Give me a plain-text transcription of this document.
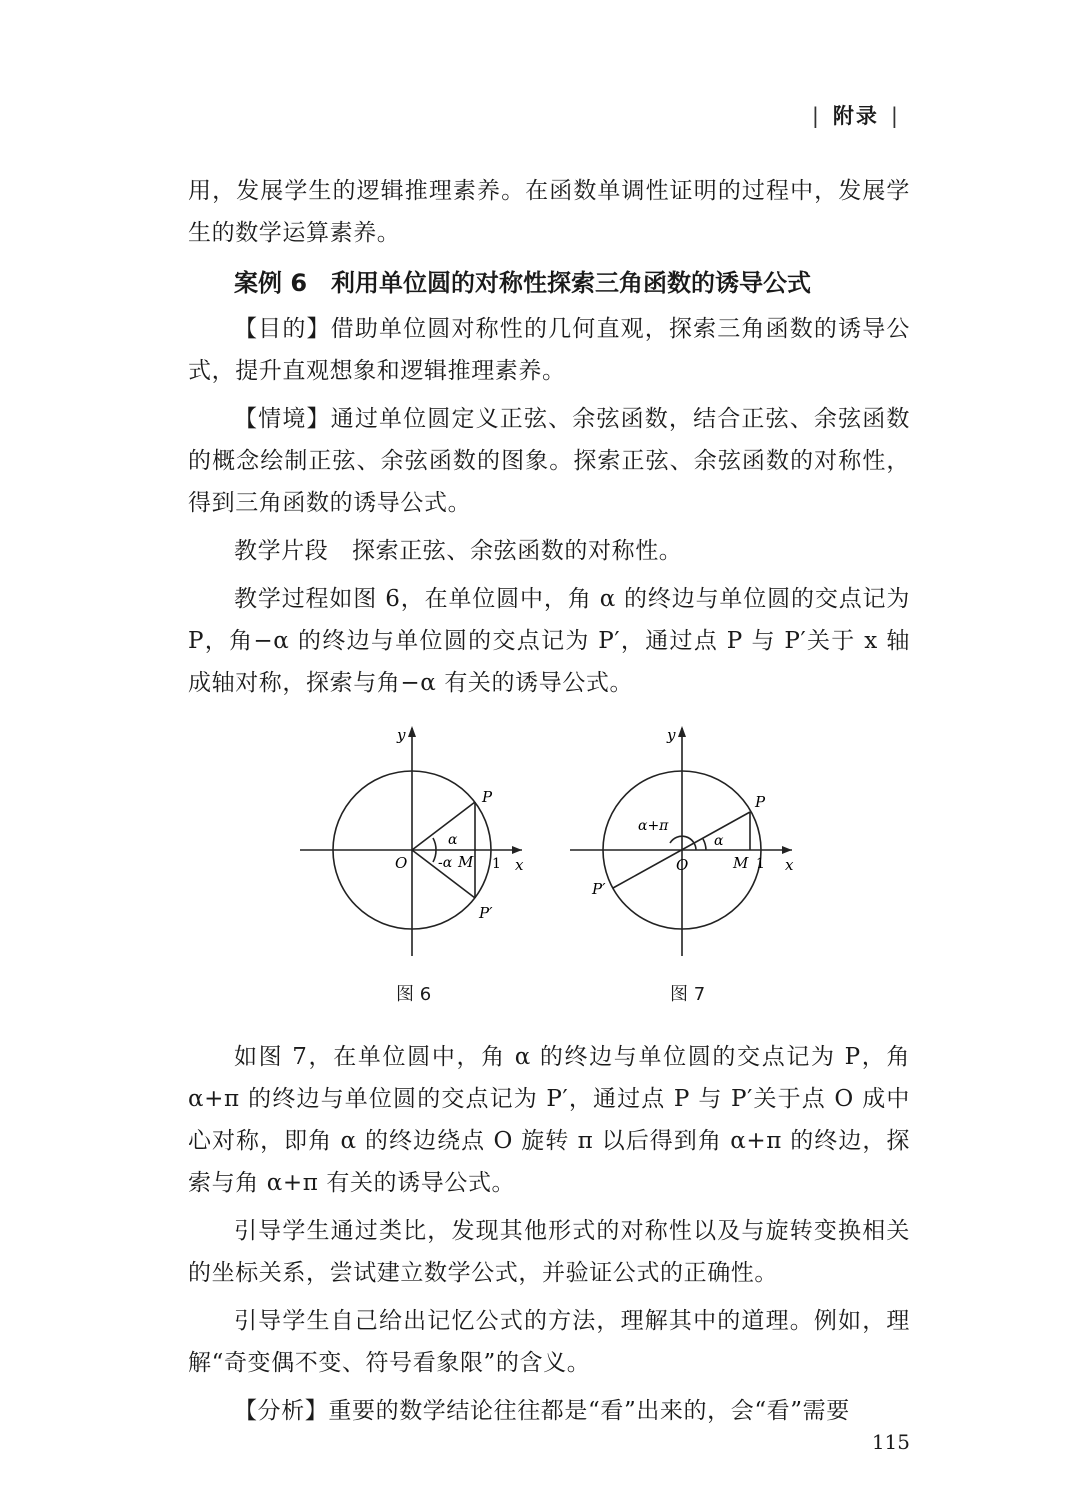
| 附录 |

用，发展学生的逻辑推理素养。在函数单调性证明的过程中，发展学生的数学运算素养。

案例 6　利用单位圆的对称性探索三角函数的诱导公式

【目的】借助单位圆对称性的几何直观，探索三角函数的诱导公式，提升直观想象和逻辑推理素养。

【情境】通过单位圆定义正弦、余弦函数，结合正弦、余弦函数的概念绘制正弦、余弦函数的图象。探索正弦、余弦函数的对称性，得到三角函数的诱导公式。

教学片段　探索正弦、余弦函数的对称性。

教学过程如图 6，在单位圆中，角 α 的终边与单位圆的交点记为 P，角−α 的终边与单位圆的交点记为 P′，通过点 P 与 P′关于 x 轴成轴对称，探索与角−α 有关的诱导公式。

y
x
O
P
P′
M 1
α
-α
图 6
y
x
O
P
P′
M 1
α
α+π
图 7

如图 7，在单位圆中，角 α 的终边与单位圆的交点记为 P，角 α+π 的终边与单位圆的交点记为 P′，通过点 P 与 P′关于点 O 成中心对称，即角 α 的终边绕点 O 旋转 π 以后得到角 α+π 的终边，探索与角 α+π 有关的诱导公式。

引导学生通过类比，发现其他形式的对称性以及与旋转变换相关的坐标关系，尝试建立数学公式，并验证公式的正确性。

引导学生自己给出记忆公式的方法，理解其中的道理。例如，理解“奇变偶不变、符号看象限”的含义。

【分析】重要的数学结论往往都是“看”出来的，会“看”需要

115
